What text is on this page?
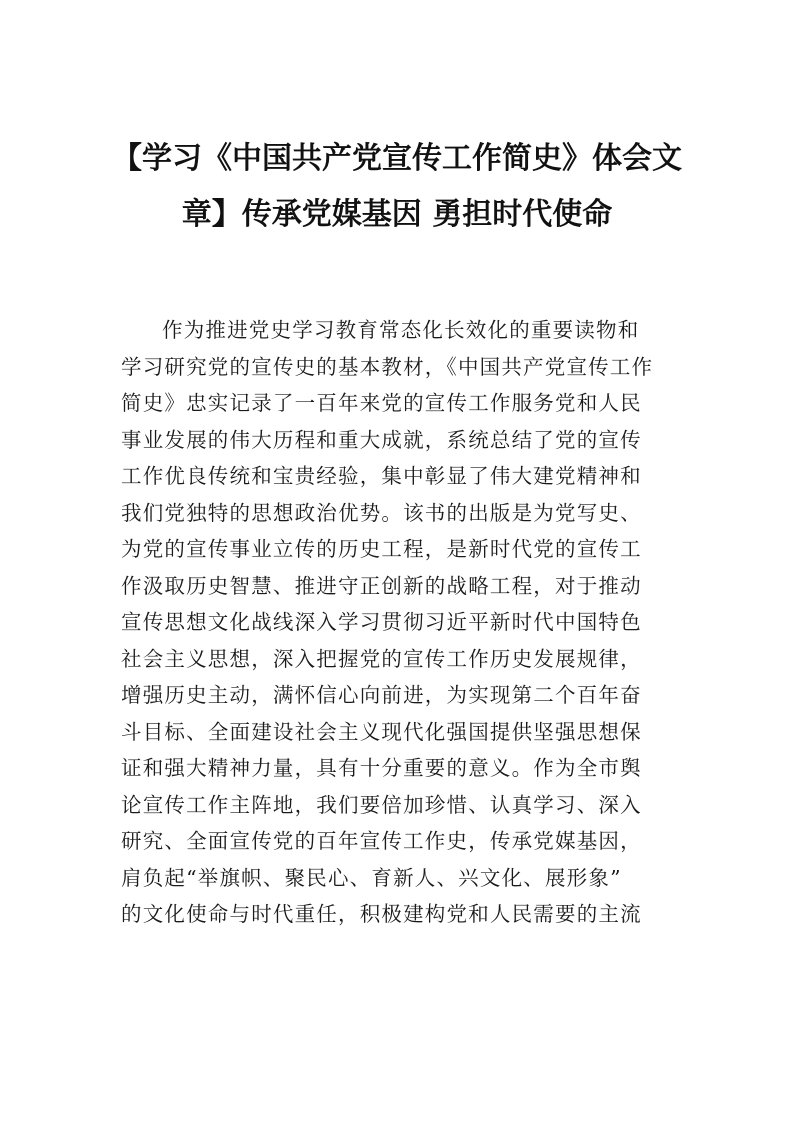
【学习《中国共产党宣传工作简史》体会文
章】传承党媒基因 勇担时代使命
作为推进党史学习教育常态化长效化的重要读物和
学习研究党的宣传史的基本教材，《中国共产党宣传工作
简史》忠实记录了一百年来党的宣传工作服务党和人民
事业发展的伟大历程和重大成就，系统总结了党的宣传
工作优良传统和宝贵经验，集中彰显了伟大建党精神和
我们党独特的思想政治优势。该书的出版是为党写史、
为党的宣传事业立传的历史工程，是新时代党的宣传工
作汲取历史智慧、推进守正创新的战略工程，对于推动
宣传思想文化战线深入学习贯彻习近平新时代中国特色
社会主义思想，深入把握党的宣传工作历史发展规律，
增强历史主动，满怀信心向前进，为实现第二个百年奋
斗目标、全面建设社会主义现代化强国提供坚强思想保
证和强大精神力量，具有十分重要的意义。作为全市舆
论宣传工作主阵地，我们要倍加珍惜、认真学习、深入
研究、全面宣传党的百年宣传工作史，传承党媒基因，
肩负起“举旗帜、聚民心、育新人、兴文化、展形象”
的文化使命与时代重任，积极建构党和人民需要的主流
